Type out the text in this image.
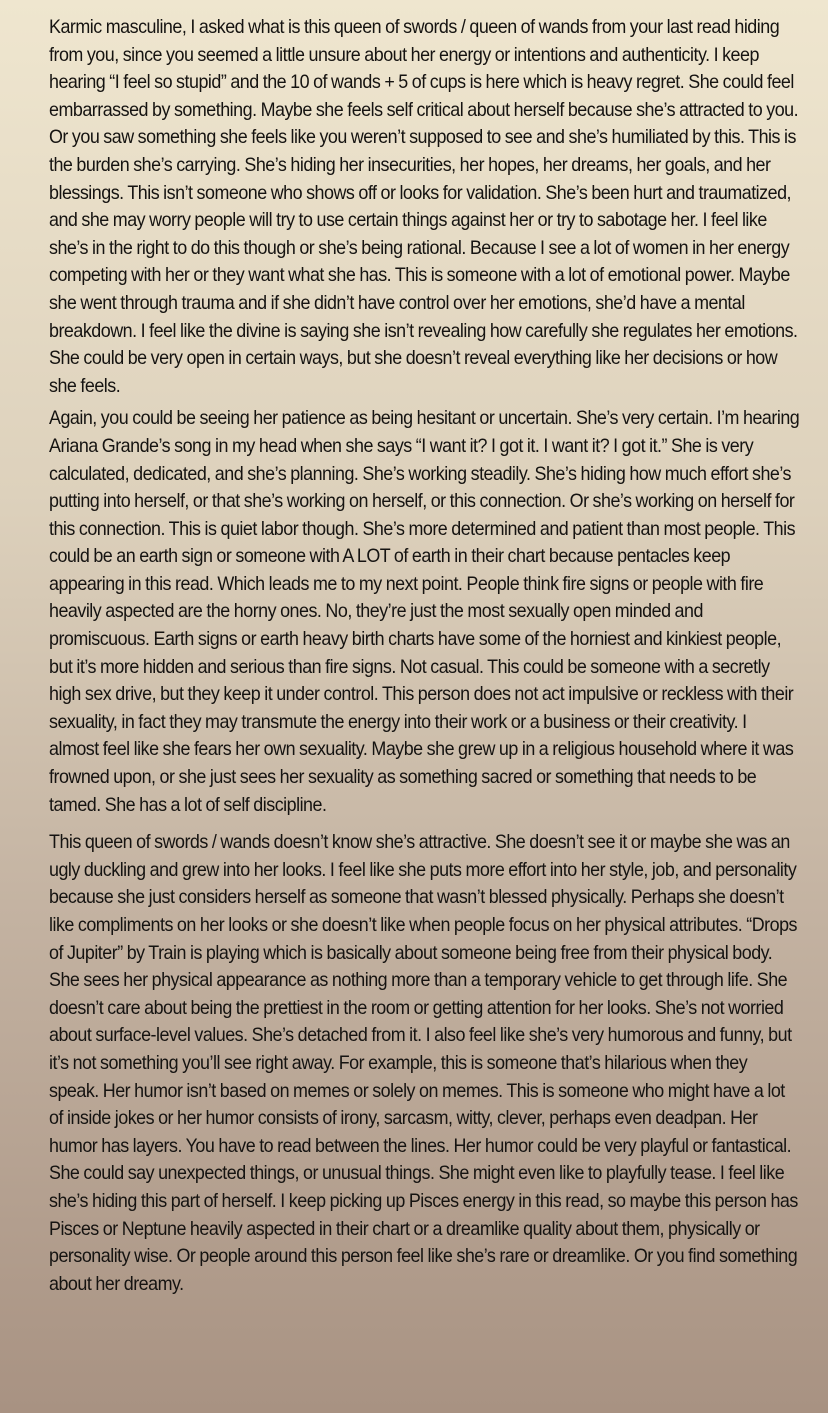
Karmic masculine, I asked what is this queen of swords / queen of wands from your last read hiding from you, since you seemed a little unsure about her energy or intentions and authenticity. I keep hearing “I feel so stupid” and the 10 of wands + 5 of cups is here which is heavy regret. She could feel embarrassed by something. Maybe she feels self critical about herself because she’s attracted to you. Or you saw something she feels like you weren’t supposed to see and she’s humiliated by this. This is the burden she’s carrying. She’s hiding her insecurities, her hopes, her dreams, her goals, and her blessings. This isn’t someone who shows off or looks for validation. She’s been hurt and traumatized, and she may worry people will try to use certain things against her or try to sabotage her. I feel like she’s in the right to do this though or she’s being rational. Because I see a lot of women in her energy competing with her or they want what she has. This is someone with a lot of emotional power. Maybe she went through trauma and if she didn’t have control over her emotions, she’d have a mental breakdown. I feel like the divine is saying she isn’t revealing how carefully she regulates her emotions. She could be very open in certain ways, but she doesn’t reveal everything like her decisions or how she feels.

Again, you could be seeing her patience as being hesitant or uncertain. She’s very certain. I’m hearing Ariana Grande’s song in my head when she says “I want it? I got it. I want it? I got it.” She is very calculated, dedicated, and she’s planning. She’s working steadily. She’s hiding how much effort she’s putting into herself, or that she’s working on herself, or this connection. Or she’s working on herself for this connection. This is quiet labor though. She’s more determined and patient than most people. This could be an earth sign or someone with A LOT of earth in their chart because pentacles keep appearing in this read. Which leads me to my next point. People think fire signs or people with fire heavily aspected are the horny ones. No, they’re just the most sexually open minded and promiscuous. Earth signs or earth heavy birth charts have some of the horniest and kinkiest people, but it’s more hidden and serious than fire signs. Not casual. This could be someone with a secretly high sex drive, but they keep it under control. This person does not act impulsive or reckless with their sexuality, in fact they may transmute the energy into their work or a business or their creativity. I almost feel like she fears her own sexuality. Maybe she grew up in a religious household where it was frowned upon, or she just sees her sexuality as something sacred or something that needs to be tamed. She has a lot of self discipline.

This queen of swords / wands doesn’t know she’s attractive. She doesn’t see it or maybe she was an ugly duckling and grew into her looks. I feel like she puts more effort into her style, job, and personality because she just considers herself as someone that wasn’t blessed physically. Perhaps she doesn’t like compliments on her looks or she doesn’t like when people focus on her physical attributes. “Drops of Jupiter” by Train is playing which is basically about someone being free from their physical body. She sees her physical appearance as nothing more than a temporary vehicle to get through life. She doesn’t care about being the prettiest in the room or getting attention for her looks. She’s not worried about surface-level values. She’s detached from it. I also feel like she’s very humorous and funny, but it’s not something you’ll see right away. For example, this is someone that’s hilarious when they speak. Her humor isn’t based on memes or solely on memes. This is someone who might have a lot of inside jokes or her humor consists of irony, sarcasm, witty, clever, perhaps even deadpan. Her humor has layers. You have to read between the lines. Her humor could be very playful or fantastical. She could say unexpected things, or unusual things. She might even like to playfully tease. I feel like she’s hiding this part of herself. I keep picking up Pisces energy in this read, so maybe this person has Pisces or Neptune heavily aspected in their chart or a dreamlike quality about them, physically or personality wise. Or people around this person feel like she’s rare or dreamlike. Or you find something about her dreamy.
